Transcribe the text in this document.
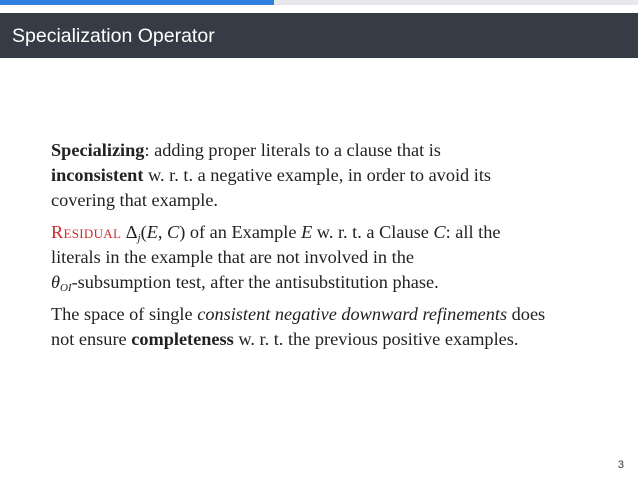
Specialization Operator
Specializing: adding proper literals to a clause that is
inconsistent w. r. t. a negative example, in order to avoid its
covering that example.
Residual $\Delta_j(E$, C) of an Example E w. r. t. a Clause C: all the
literals in the example that are not involved in the
$\theta_{OI}$-subsumption test, after the antisubstitution phase.
The space of single consistent negative downward refinements does
not ensure completeness w. r. t. the previous positive examples.
3
